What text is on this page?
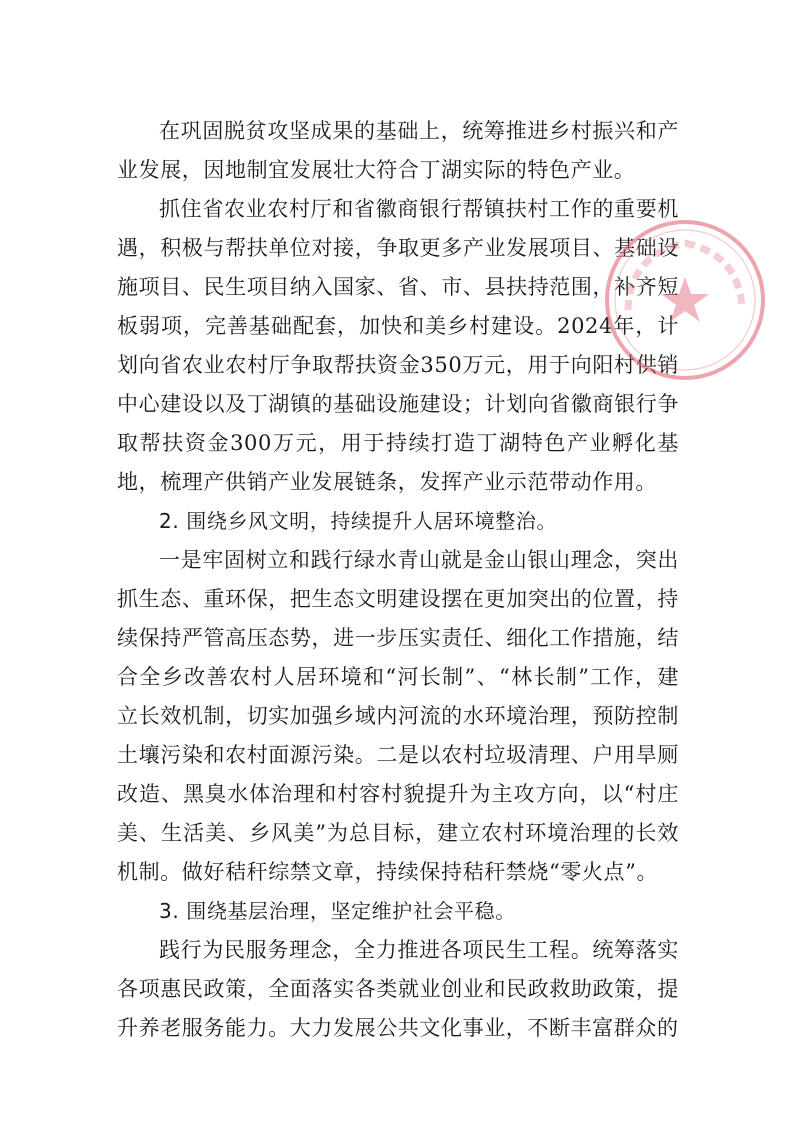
在巩固脱贫攻坚成果的基础上，统筹推进乡村振兴和产业发展，因地制宜发展壮大符合丁湖实际的特色产业。

抓住省农业农村厅和省徽商银行帮镇扶村工作的重要机遇，积极与帮扶单位对接，争取更多产业发展项目、基础设施项目、民生项目纳入国家、省、市、县扶持范围，补齐短板弱项，完善基础配套，加快和美乡村建设。2024年，计划向省农业农村厅争取帮扶资金350万元，用于向阳村供销中心建设以及丁湖镇的基础设施建设；计划向省徽商银行争取帮扶资金300万元，用于持续打造丁湖特色产业孵化基地，梳理产供销产业发展链条，发挥产业示范带动作用。

2. 围绕乡风文明，持续提升人居环境整治。

一是牢固树立和践行绿水青山就是金山银山理念，突出抓生态、重环保，把生态文明建设摆在更加突出的位置，持续保持严管高压态势，进一步压实责任、细化工作措施，结合全乡改善农村人居环境和“河长制”、“林长制”工作，建立长效机制，切实加强乡域内河流的水环境治理，预防控制土壤污染和农村面源污染。二是以农村垃圾清理、户用旱厕改造、黑臭水体治理和村容村貌提升为主攻方向，以“村庄美、生活美、乡风美”为总目标，建立农村环境治理的长效机制。做好秸秆综禁文章，持续保持秸秆禁烧“零火点”。

3. 围绕基层治理，坚定维护社会平稳。

践行为民服务理念，全力推进各项民生工程。统筹落实各项惠民政策，全面落实各类就业创业和民政救助政策，提升养老服务能力。大力发展公共文化事业，不断丰富群众的
